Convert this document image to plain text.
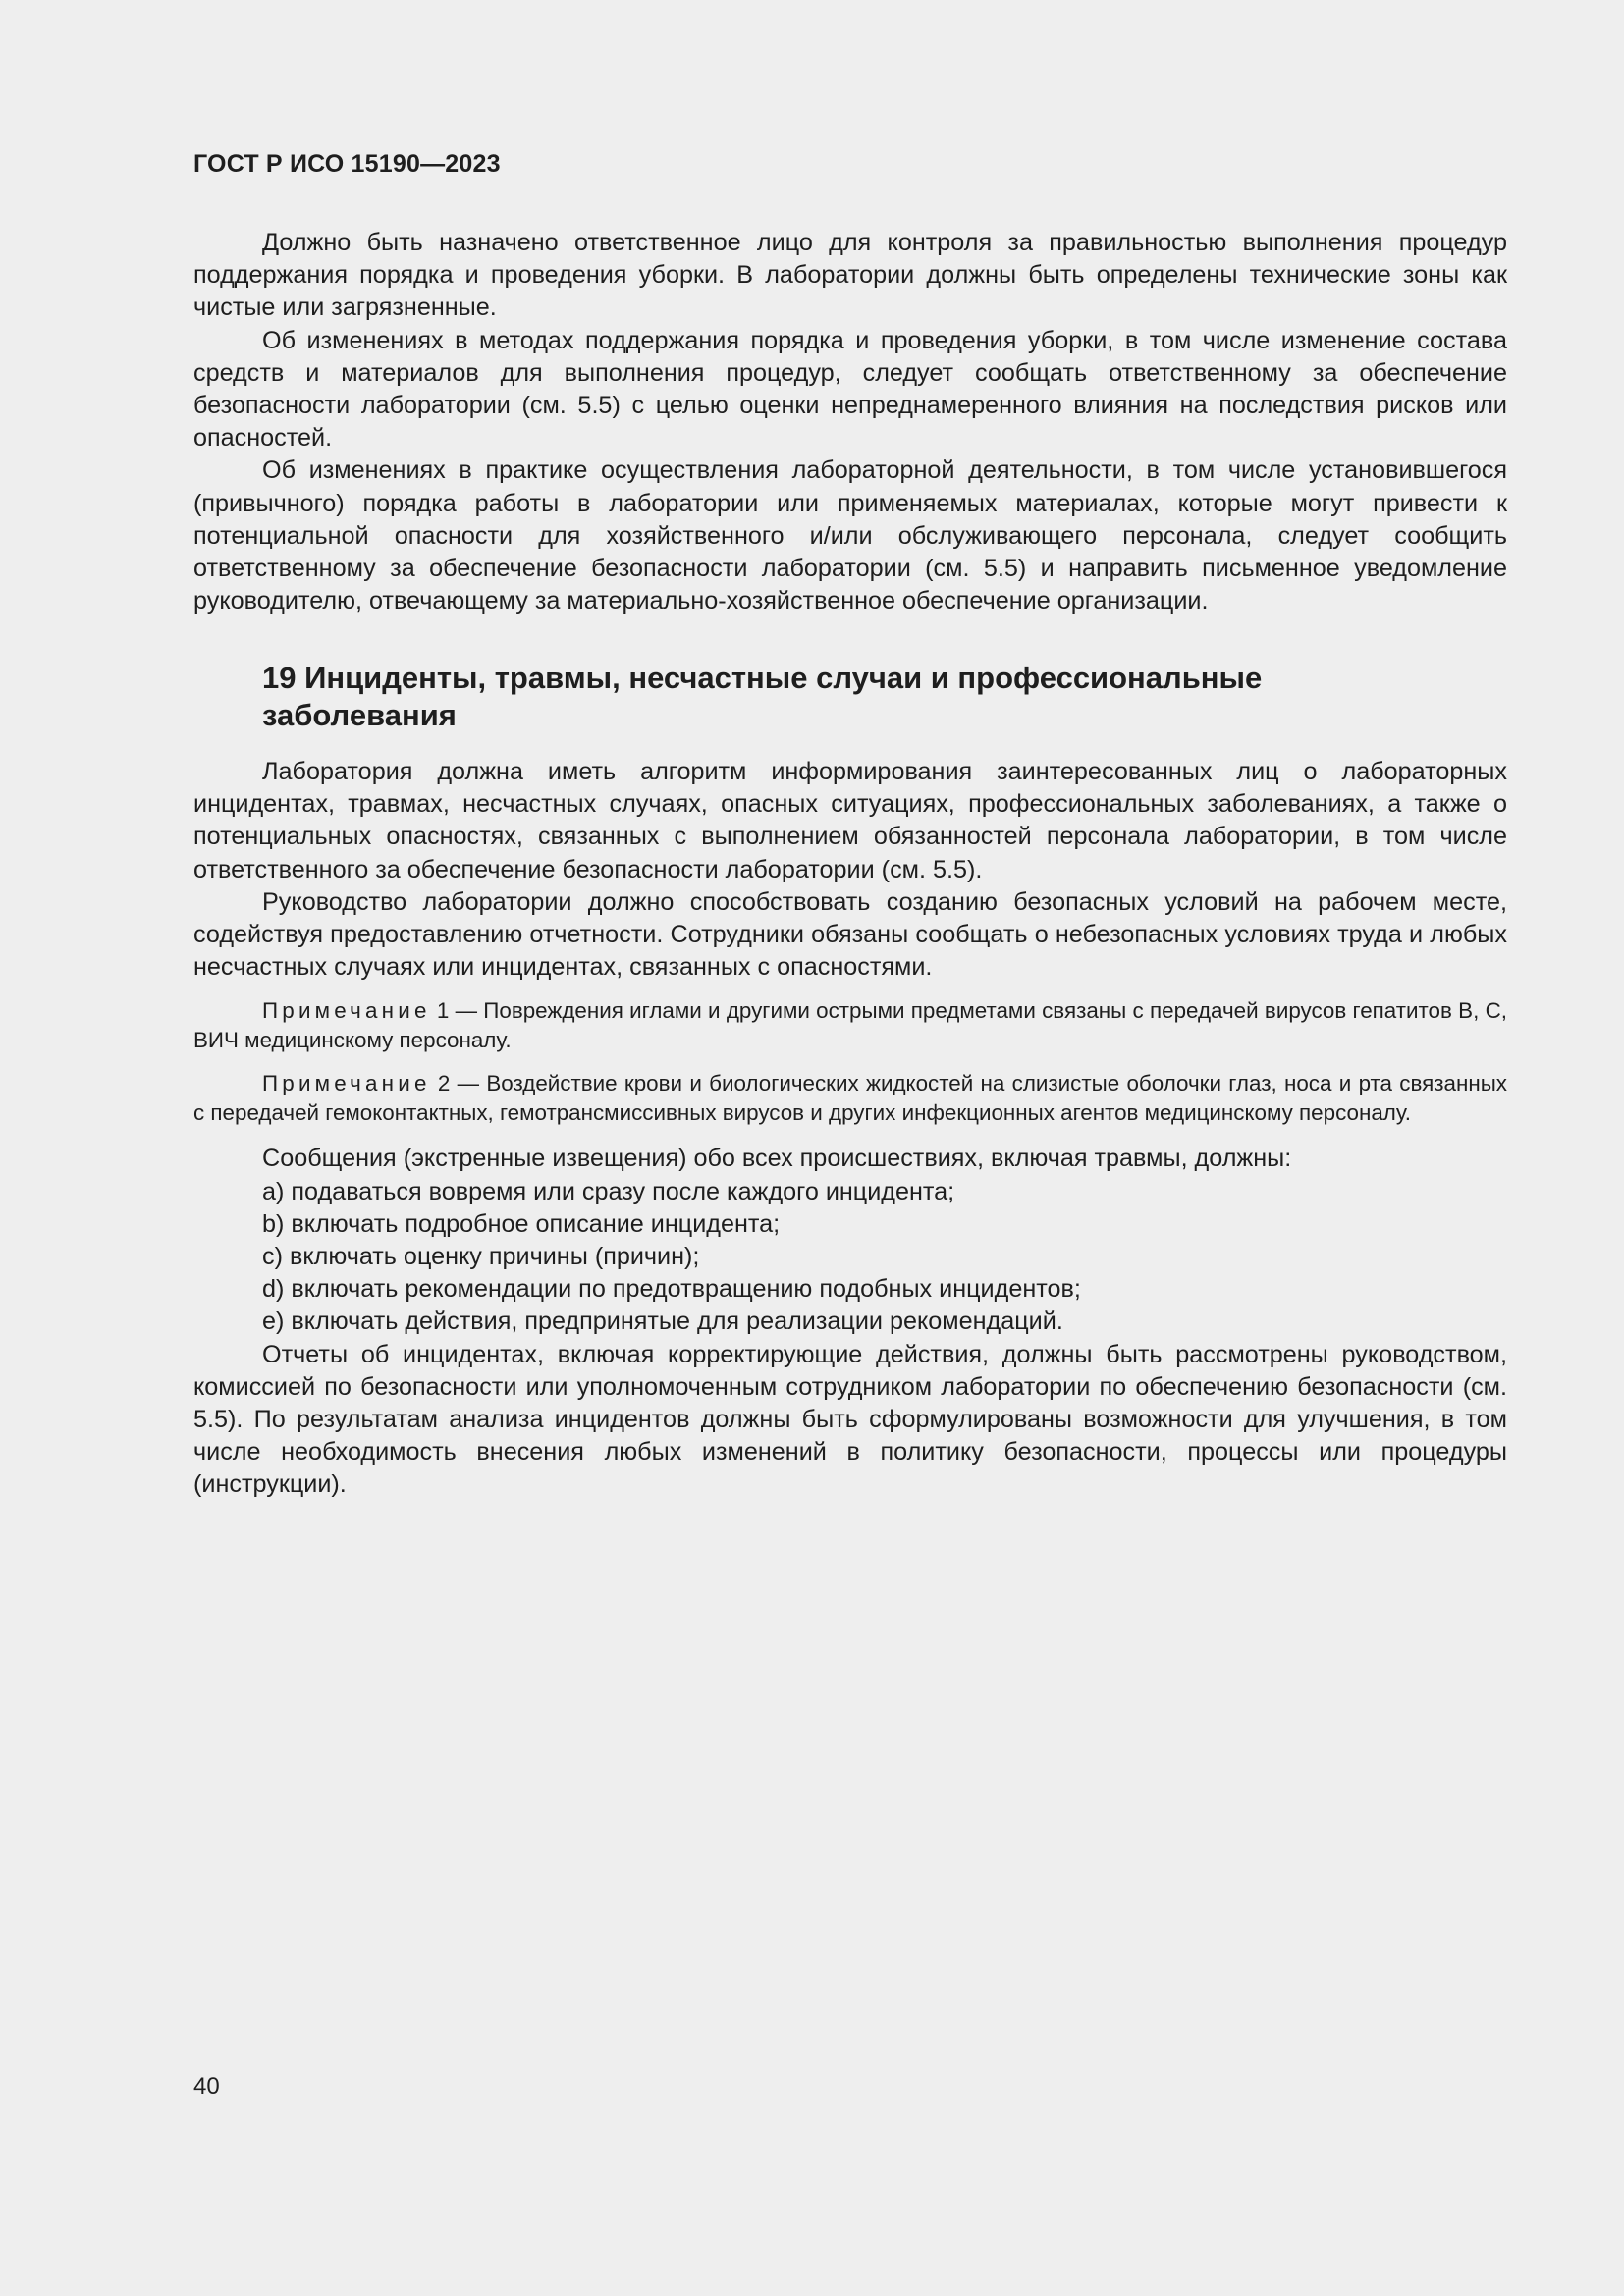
ГОСТ Р ИСО 15190—2023

Должно быть назначено ответственное лицо для контроля за правильностью выполнения процедур поддержания порядка и проведения уборки. В лаборатории должны быть определены технические зоны как чистые или загрязненные.

Об изменениях в методах поддержания порядка и проведения уборки, в том числе изменение состава средств и материалов для выполнения процедур, следует сообщать ответственному за обеспечение безопасности лаборатории (см. 5.5) с целью оценки непреднамеренного влияния на последствия рисков или опасностей.

Об изменениях в практике осуществления лабораторной деятельности, в том числе установившегося (привычного) порядка работы в лаборатории или применяемых материалах, которые могут привести к потенциальной опасности для хозяйственного и/или обслуживающего персонала, следует сообщить ответственному за обеспечение безопасности лаборатории (см. 5.5) и направить письменное уведомление руководителю, отвечающему за материально-хозяйственное обеспечение организации.

19 Инциденты, травмы, несчастные случаи и профессиональные заболевания

Лаборатория должна иметь алгоритм информирования заинтересованных лиц о лабораторных инцидентах, травмах, несчастных случаях, опасных ситуациях, профессиональных заболеваниях, а также о потенциальных опасностях, связанных с выполнением обязанностей персонала лаборатории, в том числе ответственного за обеспечение безопасности лаборатории (см. 5.5).

Руководство лаборатории должно способствовать созданию безопасных условий на рабочем месте, содействуя предоставлению отчетности. Сотрудники обязаны сообщать о небезопасных условиях труда и любых несчастных случаях или инцидентах, связанных с опасностями.

Примечание 1 — Повреждения иглами и другими острыми предметами связаны с передачей вирусов гепатитов B, C, ВИЧ медицинскому персоналу.

Примечание 2 — Воздействие крови и биологических жидкостей на слизистые оболочки глаз, носа и рта связанных с передачей гемоконтактных, гемотрансмиссивных вирусов и других инфекционных агентов медицинскому персоналу.

Сообщения (экстренные извещения) обо всех происшествиях, включая травмы, должны:

a) подаваться вовремя или сразу после каждого инцидента;

b) включать подробное описание инцидента;

c) включать оценку причины (причин);

d) включать рекомендации по предотвращению подобных инцидентов;

e) включать действия, предпринятые для реализации рекомендаций.

Отчеты об инцидентах, включая корректирующие действия, должны быть рассмотрены руководством, комиссией по безопасности или уполномоченным сотрудником лаборатории по обеспечению безопасности (см. 5.5). По результатам анализа инцидентов должны быть сформулированы возможности для улучшения, в том числе необходимость внесения любых изменений в политику безопасности, процессы или процедуры (инструкции).

40
